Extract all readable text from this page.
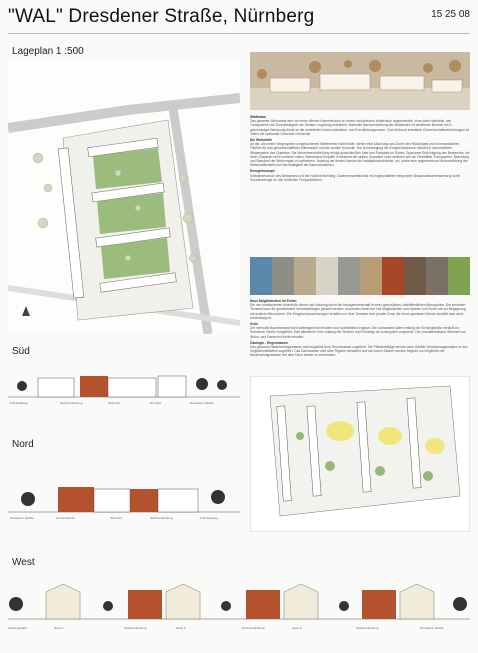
"WAL" Dresdener Straße, Nürnberg	15 25 08
Lageplan 1 :500
Städtebau
Das gesamte Wohnareal wird von einer offenen Kammstruktur zu einem schützenden Hofstruktur umgewandelt, ohne dass Nachteile, wie Transparenz und Durchlässigkeit der Struktur ungünstig entstehen. Maßvolle Nachverdichtung des Bestandes im westlichen Bereich mit 3-geschossiger Bebauung direkt an die erweiterten Kommunikations- und Erschließungszonen. Zum Wohnort erweiterte Gemeinschaftseinrichtungen im Osten mit optionaler Umschub-Grünerhal.
Die Wohnhöfe
An die, als innere Wegesystem umgebundenen Mieterreihen Wohnhöfe, stehen eine Mischung aus Zonen des Rückzuges und kommunikativen Flächen für das gemeinschaftliche Miteinander und die soziale Kontrolle. Die Durchwegung der Erdgeschosszone mündet in das westliche Wegesystem des Quartiers. Die Verkehrserschließung erfolgt ausschließlich über den Parkplatz im Süden. Sparsame Ertüchtigung des Bestandes, die ihren Charakter nicht verlieren sollen. Behutsame Eingriffe in Bestand der seinen Charakter nicht verlieren soll um Flexibilität, Transparenz, Belichtung und Standard der Wohnungen zu optimieren. Nutzung der festen Kamine als Installationsschächte, etc. sowie eine angemessene Modernisierung der Wirtschaftlichkeit und Nachhaltigkeit der Baumaßnahmen.
Energiekonzept
Vollwärmeschutz des Bestandes und der Nachverdichtung. Gasbrennwerttechnik mit zugeschalteter temporärer Brauchwassererwärmung durch Sonnenenergie an den südlichen Freiparkflächen.
Neue Möglichkeiten im Freien
Die neu entstandenen Innenhöfe dienen der Nutzung durch die Hausgemeinschaft in einer geschützten, halböffentlichen Atmosphäre. Die zentralen Terrasse kann für gemeinsame Veranstaltungen genutzt werden, ansonsten bietet der Hof Möglichkeiten zum Spielen und Ruhe wie zur Begegnung mit anderen Bewohnern. Die Erdgeschosswohnungen erhalten vor ihrer Terrasse eine private Zone, die einen gewissen Schutz darstellt aber auch durchlässig ist.
Grün
Der wertvolle Baumbestand wird weitestgehend erhalten und raumbildend ergänzt. Die vorhandene Allee entlang der Kieslingstraße verläuft zur Dresdener Straße fortgeführt. Das öffentliche Grün entlang der Straßen und Fußwege ist konsequent umgesetzt. Der charakteristische Wechsel von Wohn- und Gartenhof bleibt erhalten.
Ökologie - Regenwasser
Das gesamte Niederschlagswasser wird möglichst dem Grundwasser zugeführt. Die Pflasterbeläge werden über Gefälle Versickerungsmulden in den Vegetationsflächen zugeführt. Das Dachwasser wird über Rigolen versickert und die neuen Dächer werden begrünt um möglichst viel Niederschlagswasser auf dem Dach wieder zu verdunsten.
Süd
Fuß Parkweg	Nachverdichtung	Wohnhof	Hof Süd	Dresdener Straße
Nord
Dresdener Straße	Gemeinschaft	Wohnhof	Nachverdichtung	Fuß Parkweg
West
Kieslingstraße	Haus 1	Nachverdichtung	Haus 2	Nachverdichtung	Haus 3	Nachverdichtung	Dresdener Straße
